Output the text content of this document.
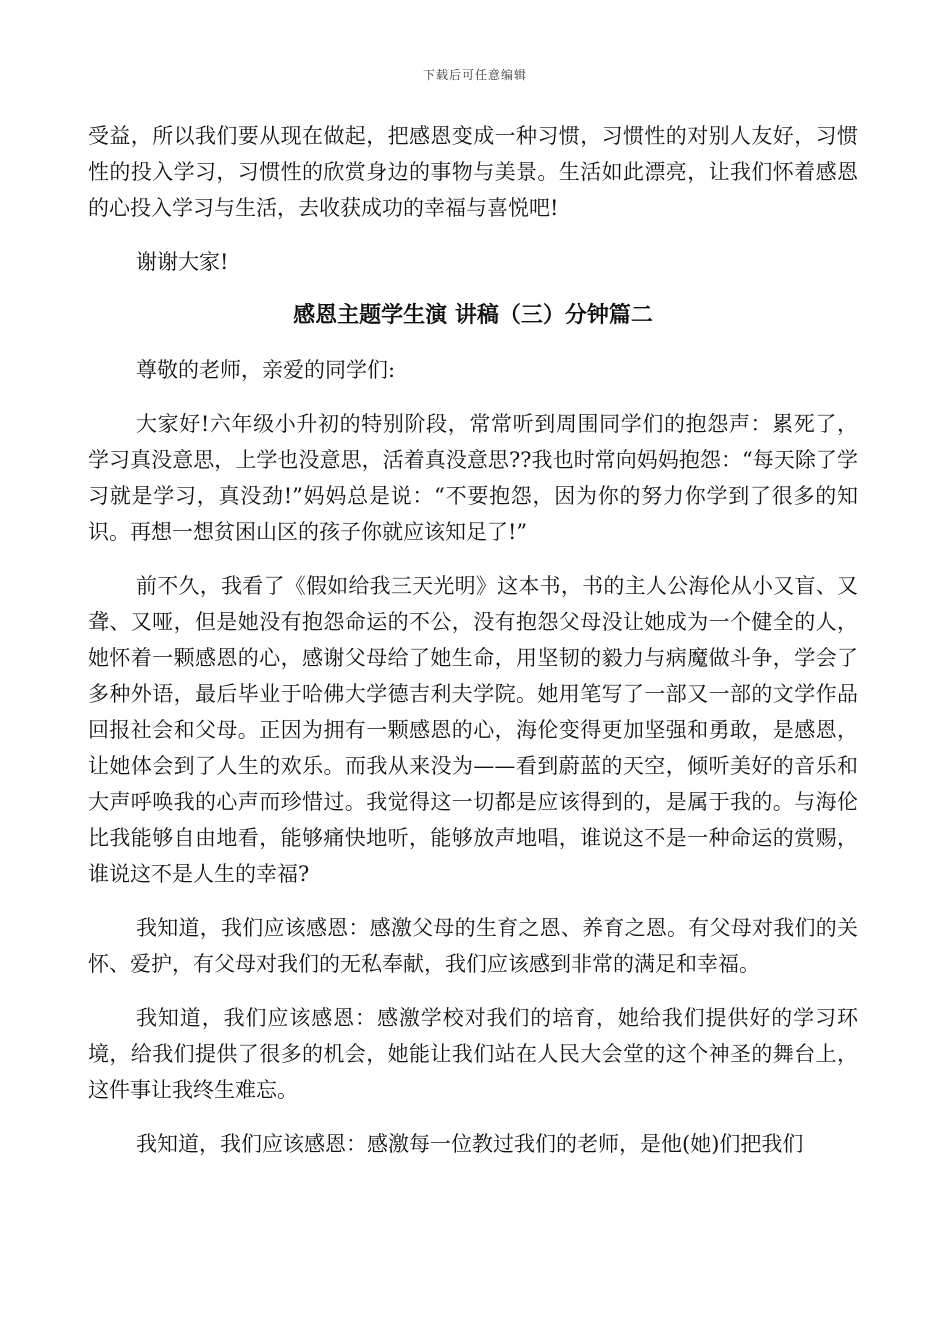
下载后可任意编辑

受益，所以我们要从现在做起，把感恩变成一种习惯，习惯性的对别人友好，习惯性的投入学习，习惯性的欣赏身边的事物与美景。生活如此漂亮，让我们怀着感恩的心投入学习与生活，去收获成功的幸福与喜悦吧!

谢谢大家!

感恩主题学生演 讲稿（三）分钟篇二

尊敬的老师，亲爱的同学们:

大家好!六年级小升初的特别阶段，常常听到周围同学们的抱怨声：累死了，学习真没意思，上学也没意思，活着真没意思??我也时常向妈妈抱怨：“每天除了学习就是学习，真没劲!”妈妈总是说：“不要抱怨，因为你的努力你学到了很多的知识。再想一想贫困山区的孩子你就应该知足了!”

前不久，我看了《假如给我三天光明》这本书，书的主人公海伦从小又盲、又聋、又哑，但是她没有抱怨命运的不公，没有抱怨父母没让她成为一个健全的人，她怀着一颗感恩的心，感谢父母给了她生命，用坚韧的毅力与病魔做斗争，学会了多种外语，最后毕业于哈佛大学德吉利夫学院。她用笔写了一部又一部的文学作品回报社会和父母。正因为拥有一颗感恩的心，海伦变得更加坚强和勇敢，是感恩，让她体会到了人生的欢乐。而我从来没为——看到蔚蓝的天空，倾听美好的音乐和大声呼唤我的心声而珍惜过。我觉得这一切都是应该得到的，是属于我的。与海伦比我能够自由地看，能够痛快地听，能够放声地唱，谁说这不是一种命运的赏赐，谁说这不是人生的幸福?

我知道，我们应该感恩：感激父母的生育之恩、养育之恩。有父母对我们的关怀、爱护，有父母对我们的无私奉献，我们应该感到非常的满足和幸福。

我知道，我们应该感恩：感激学校对我们的培育，她给我们提供好的学习环境，给我们提供了很多的机会，她能让我们站在人民大会堂的这个神圣的舞台上，这件事让我终生难忘。

我知道，我们应该感恩：感激每一位教过我们的老师，是他(她)们把我们
